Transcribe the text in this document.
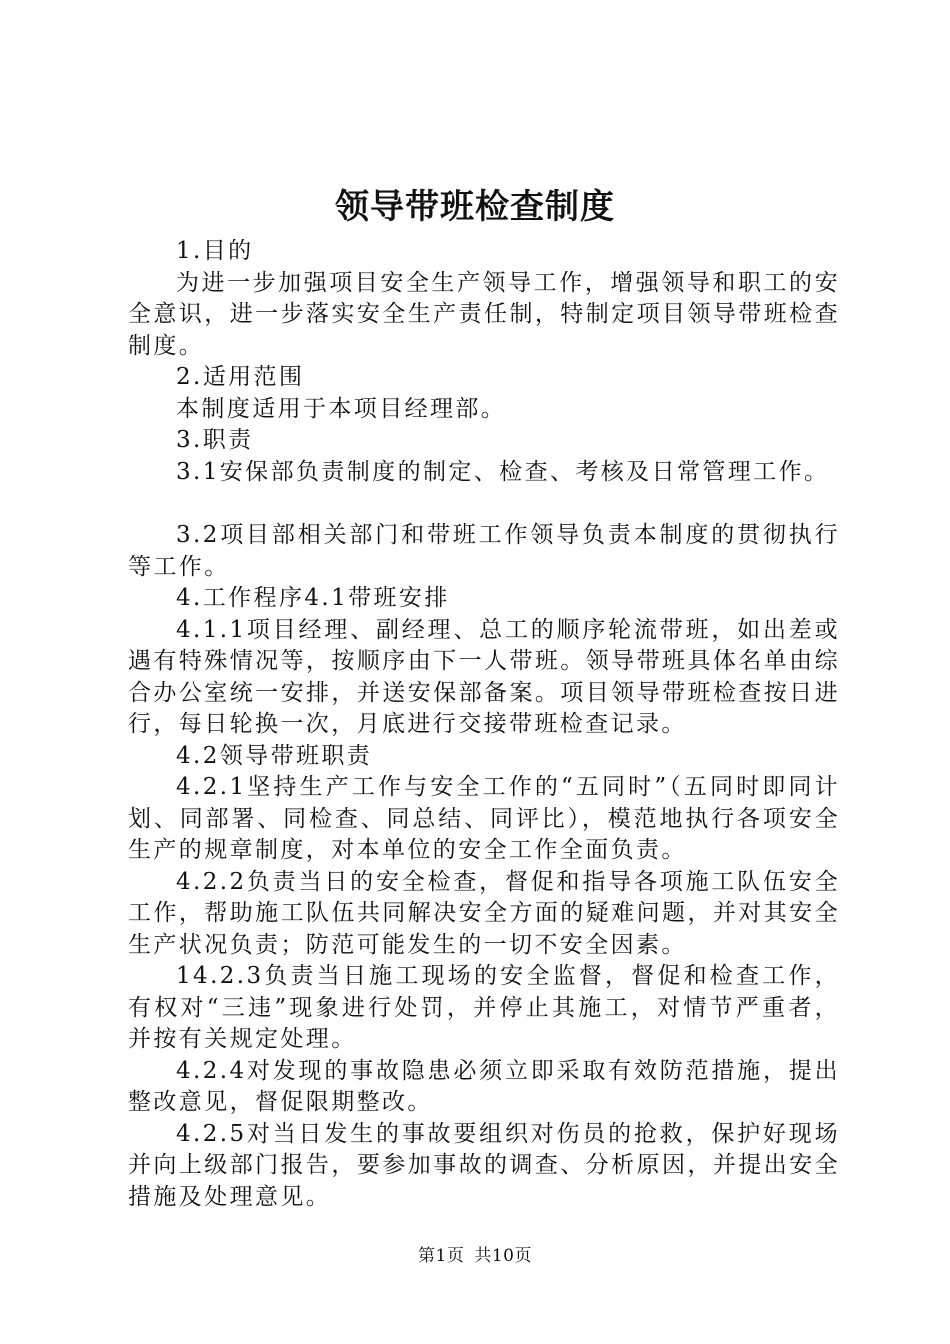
领导带班检查制度

1.目的

为进一步加强项目安全生产领导工作，增强领导和职工的安全意识，进一步落实安全生产责任制，特制定项目领导带班检查制度。

2.适用范围

本制度适用于本项目经理部。

3.职责

3.1安保部负责制度的制定、检查、考核及日常管理工作。

3.2项目部相关部门和带班工作领导负责本制度的贯彻执行等工作。

4.工作程序4.1带班安排

4.1.1项目经理、副经理、总工的顺序轮流带班，如出差或遇有特殊情况等，按顺序由下一人带班。领导带班具体名单由综合办公室统一安排，并送安保部备案。项目领导带班检查按日进行，每日轮换一次，月底进行交接带班检查记录。

4.2领导带班职责

4.2.1坚持生产工作与安全工作的“五同时”（五同时即同计划、同部署、同检查、同总结、同评比），模范地执行各项安全生产的规章制度，对本单位的安全工作全面负责。

4.2.2负责当日的安全检查，督促和指导各项施工队伍安全工作，帮助施工队伍共同解决安全方面的疑难问题，并对其安全生产状况负责；防范可能发生的一切不安全因素。

14.2.3负责当日施工现场的安全监督，督促和检查工作，有权对“三违”现象进行处罚，并停止其施工，对情节严重者，并按有关规定处理。

4.2.4对发现的事故隐患必须立即采取有效防范措施，提出整改意见，督促限期整改。

4.2.5对当日发生的事故要组织对伤员的抢救，保护好现场并向上级部门报告，要参加事故的调查、分析原因，并提出安全措施及处理意见。

第1页 共10页
